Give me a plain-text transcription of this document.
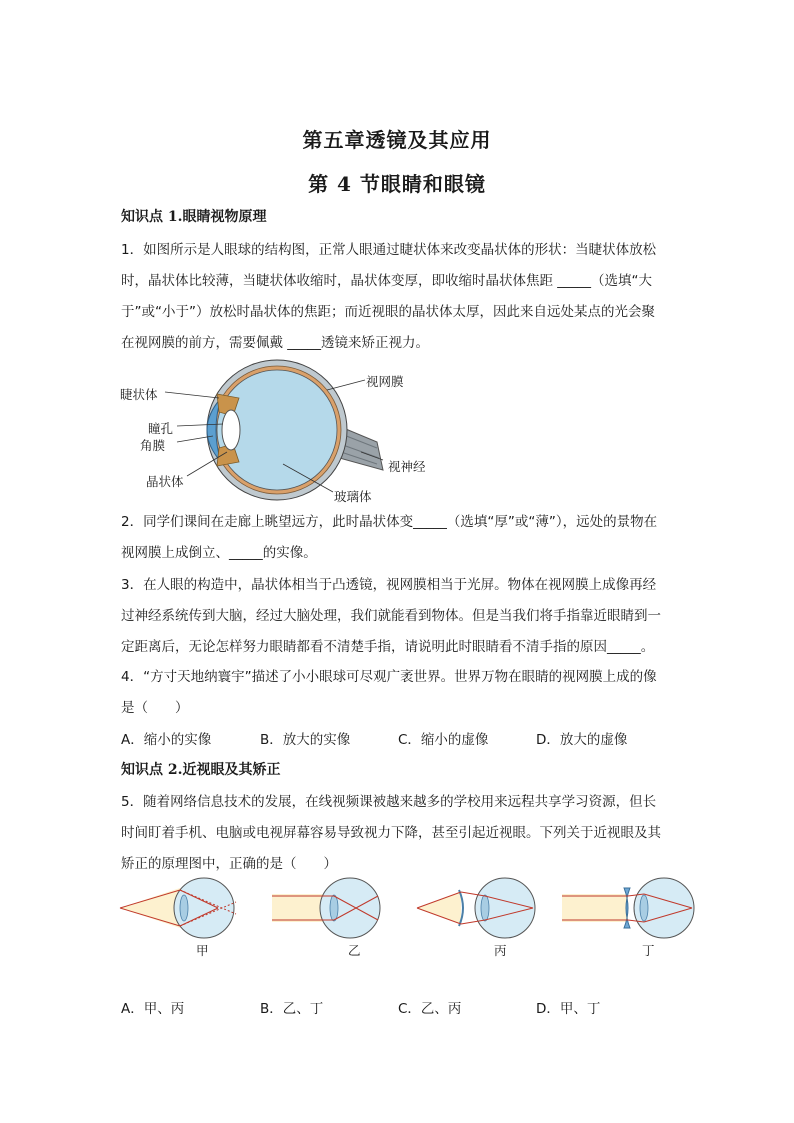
第五章透镜及其应用
第 4 节眼睛和眼镜
知识点 1.眼睛视物原理
1．如图所示是人眼球的结构图，正常人眼通过睫状体来改变晶状体的形状：当睫状体放松
时，晶状体比较薄，当睫状体收缩时，晶状体变厚，即收缩时晶状体焦距 _____（选填“大
于”或“小于”）放松时晶状体的焦距；而近视眼的晶状体太厚，因此来自远处某点的光会聚
在视网膜的前方，需要佩戴 _____透镜来矫正视力。
睫状体
视网膜
瞳孔
角膜
视神经
晶状体
玻璃体
2．同学们课间在走廊上眺望远方，此时晶状体变_____（选填“厚”或“薄”），远处的景物在
视网膜上成倒立、_____的实像。
3．在人眼的构造中，晶状体相当于凸透镜，视网膜相当于光屏。物体在视网膜上成像再经
过神经系统传到大脑，经过大脑处理，我们就能看到物体。但是当我们将手指靠近眼睛到一
定距离后，无论怎样努力眼睛都看不清楚手指，请说明此时眼睛看不清手指的原因_____。
4．“方寸天地纳寰宇”描述了小小眼球可尽观广袤世界。世界万物在眼睛的视网膜上成的像
是（　　）
A．缩小的实像	B．放大的实像	C．缩小的虚像	D．放大的虚像
知识点 2.近视眼及其矫正
5．随着网络信息技术的发展，在线视频课被越来越多的学校用来远程共享学习资源，但长
时间盯着手机、电脑或电视屏幕容易导致视力下降，甚至引起近视眼。下列关于近视眼及其
矫正的原理图中，正确的是（　　）
甲	乙	丙	丁
A．甲、丙	B．乙、丁	C．乙、丙	D．甲、丁
